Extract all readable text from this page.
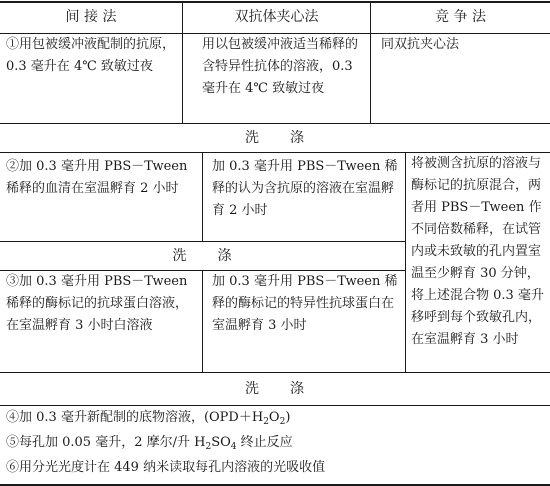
间 接 法	双抗体夹心法	竞 争 法
①用包被缓冲液配制的抗原，0.3 毫升在 4℃ 致敏过夜
用以包被缓冲液适当稀释的含特异性抗体的溶液，0.3 毫升在 4℃ 致敏过夜
同双抗夹心法
洗　　涤
②加 0.3 毫升用 PBS－Tween 稀释的血清在室温孵育 2 小时
加 0.3 毫升用 PBS－Tween 稀释的认为含抗原的溶液在室温孵育 2 小时
将被测含抗原的溶液与酶标记的抗原混合，两者用 PBS－Tween 作不同倍数稀释，在试管内或未致敏的孔内置室温至少孵育 30 分钟，将上述混合物 0.3 毫升移呼到每个致敏孔内，在室温孵育 3 小时
洗　　涤
③加 0.3 毫升用 PBS－Tween 稀释的酶标记的抗球蛋白溶液，在室温孵育 3 小时白溶液
加 0.3 毫升用 PBS－Tween 稀释的酶标记的特异性抗球蛋白在室温孵育 3 小时
洗　　涤
④加 0.3 毫升新配制的底物溶液，$(OPD+H_2O_2)$
⑤每孔加 0.05 毫升，2 摩尔/升 $H_2SO_4$ 终止反应
⑥用分光光度计在 449 纳米读取每孔内溶液的光吸收值
